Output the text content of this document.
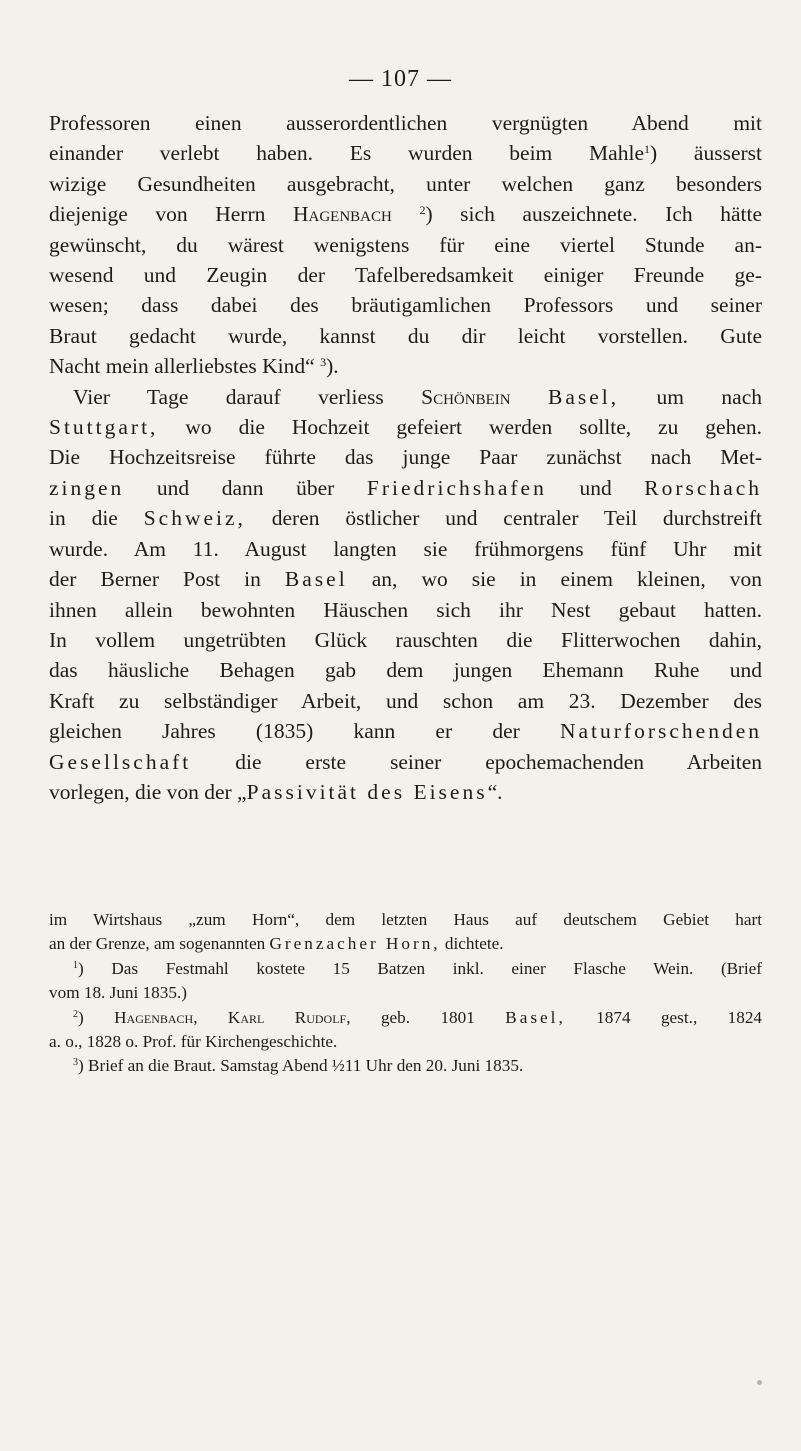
— 107 —
Professoren einen ausserordentlichen vergnügten Abend mit
einander verlebt haben. Es wurden beim Mahle$^1$) äusserst
wizige Gesundheiten ausgebracht, unter welchen ganz besonders
diejenige von Herrn Hagenbach $^2$) sich auszeichnete. Ich hätte
gewünscht, du wärest wenigstens für eine viertel Stunde an-
wesend und Zeugin der Tafelberedsamkeit einiger Freunde ge-
wesen; dass dabei des bräutigamlichen Professors und seiner
Braut gedacht wurde, kannst du dir leicht vorstellen. Gute
Nacht mein allerliebstes Kind“ $^3$).
Vier Tage darauf verliess Schönbein Basel, um nach
Stuttgart, wo die Hochzeit gefeiert werden sollte, zu gehen.
Die Hochzeitsreise führte das junge Paar zunächst nach Met-
zingen und dann über Friedrichshafen und Rorschach
in die Schweiz, deren östlicher und centraler Teil durchstreift
wurde. Am 11. August langten sie frühmorgens fünf Uhr mit
der Berner Post in Basel an, wo sie in einem kleinen, von
ihnen allein bewohnten Häuschen sich ihr Nest gebaut hatten.
In vollem ungetrübten Glück rauschten die Flitterwochen dahin,
das häusliche Behagen gab dem jungen Ehemann Ruhe und
Kraft zu selbständiger Arbeit, und schon am 23. Dezember des
gleichen Jahres (1835) kann er der Naturforschenden
Gesellschaft die erste seiner epochemachenden Arbeiten
vorlegen, die von der „Passivität des Eisens“.
im Wirtshaus „zum Horn“, dem letzten Haus auf deutschem Gebiet hart
an der Grenze, am sogenannten Grenzacher Horn, dichtete.
$^1$) Das Festmahl kostete 15 Batzen inkl. einer Flasche Wein. (Brief
vom 18. Juni 1835.)
$^2$) Hagenbach, Karl Rudolf, geb. 1801 Basel, 1874 gest., 1824
a. o., 1828 o. Prof. für Kirchengeschichte.
$^3$) Brief an die Braut. Samstag Abend ½11 Uhr den 20. Juni 1835.
